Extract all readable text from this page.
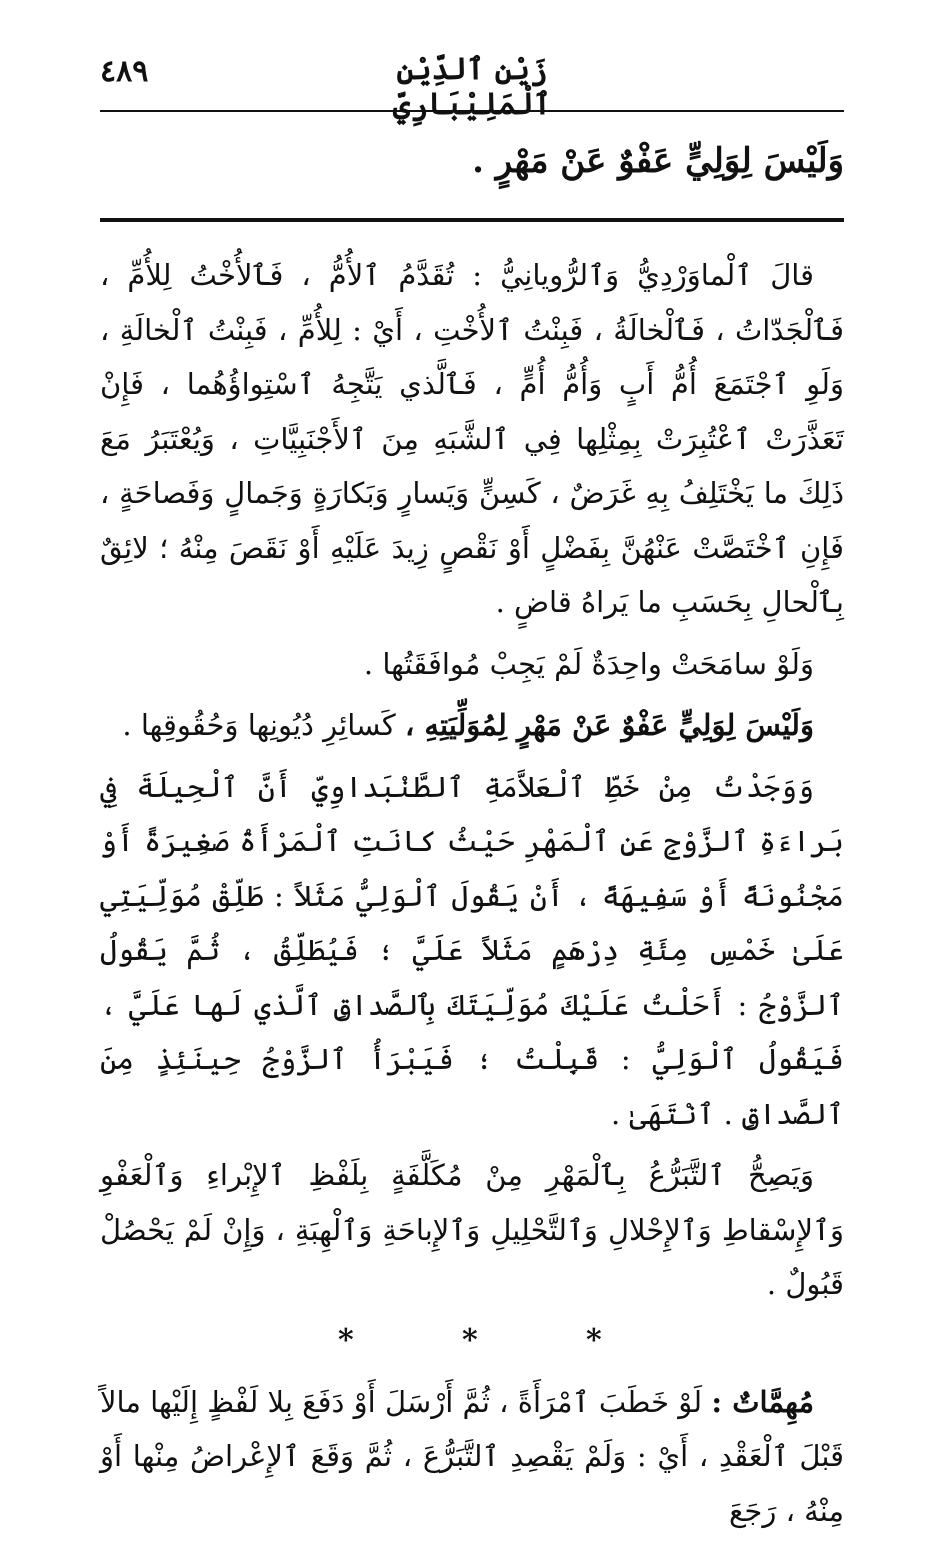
زَيْن ٱلدِّيْنِ ٱلْمَلِيْبَارِيّ
٤٨٩
وَلَيْسَ لِوَلِيٍّ عَفْوٌ عَنْ مَهْرٍ .

قالَ ٱلْماوَرْدِيُّ وَٱلرُّويانِيُّ : تُقَدَّمُ ٱلأُمُّ ، فَٱلأُخْتُ لِلأُمِّ ، فَٱلْجَدّاتُ ، فَٱلْخالَةُ ، فَبِنْتُ ٱلأُخْتِ ، أَيْ : لِلأُمِّ ، فَبِنْتُ ٱلْخالَةِ ، وَلَوِ ٱجْتَمَعَ أُمُّ أَبٍ وَأُمُّ أُمٍّ ، فَٱلَّذي يَتَّجِهُ ٱسْتِواؤُهُما ، فَإِنْ تَعَذَّرَتْ ٱعْتُبِرَتْ بِمِثْلِها فِي ٱلشَّبَهِ مِنَ ٱلأَجْنَبِيَّاتِ ، وَيُعْتَبَرُ مَعَ ذَلِكَ ما يَخْتَلِفُ بِهِ غَرَضٌ ، كَسِنٍّ وَيَسارٍ وَبَكارَةٍ وَجَمالٍ وَفَصاحَةٍ ، فَإِنِ ٱخْتَصَّتْ عَنْهُنَّ بِفَضْلٍ أَوْ نَقْصٍ زِيدَ عَلَيْهِ أَوْ نَقَصَ مِنْهُ ؛ لائِقٌ بِٱلْحالِ بِحَسَبِ ما يَراهُ قاضٍ .

وَلَوْ سامَحَتْ واحِدَةٌ لَمْ يَجِبْ مُوافَقَتُها .

وَلَيْسَ لِوَلِيٍّ عَفْوٌ عَنْ مَهْرٍ لِمُوَلِّيَتِهِ ، كَسائِرِ دُيُونِها وَحُقُوقِها .

وَوَجَدْتُ مِنْ خَطِّ ٱلْعَلاَّمَةِ ٱلطَّنْبَداوِيِّ أَنَّ ٱلْحِيلَةَ فِي بَراءَةِ ٱلزَّوْجِ عَنِ ٱلْمَهْرِ حَيْثُ كانَتِ ٱلْمَرْأَةُ صَغِيرَةً أَوْ مَجْنُونَةً أَوْ سَفِيهَةً ، أَنْ يَقُولَ ٱلْوَلِيُّ مَثَلاً : طَلِّقْ مُوَلِّيَتِي عَلَىٰ خَمْسِ مِئَةِ دِرْهَمٍ مَثَلاً عَلَيَّ ؛ فَيُطَلِّقُ ، ثُمَّ يَقُولُ ٱلزَّوْجُ : أَحَلْتُ عَلَيْكَ مُوَلِّيَتَكَ بِٱلصَّداقِ ٱلَّذي لَها عَلَيَّ ، فَيَقُولُ ٱلْوَلِيُّ : قَبِلْتُ ؛ فَيَبْرَأُ ٱلزَّوْجُ حِينَئِذٍ مِنَ ٱلصَّداقِ . ٱنْتَهَىٰ .

وَيَصِحُّ ٱلتَّبَرُّعُ بِٱلْمَهْرِ مِنْ مُكَلَّفَةٍ بِلَفْظِ ٱلإِبْراءِ وَٱلْعَفْوِ وَٱلإِسْقاطِ وَٱلإِحْلالِ وَٱلتَّحْلِيلِ وَٱلإِباحَةِ وَٱلْهِبَةِ ، وَإِنْ لَمْ يَحْصُلْ قَبُولٌ .

*	*	*

مُهِمَّاتٌ : لَوْ خَطَبَ ٱمْرَأَةً ، ثُمَّ أَرْسَلَ أَوْ دَفَعَ بِلا لَفْظٍ إِلَيْها مالاً قَبْلَ ٱلْعَقْدِ ، أَيْ : وَلَمْ يَقْصِدِ ٱلتَّبَرُّعَ ، ثُمَّ وَقَعَ ٱلإِعْراضُ مِنْها أَوْ مِنْهُ ، رَجَعَ
